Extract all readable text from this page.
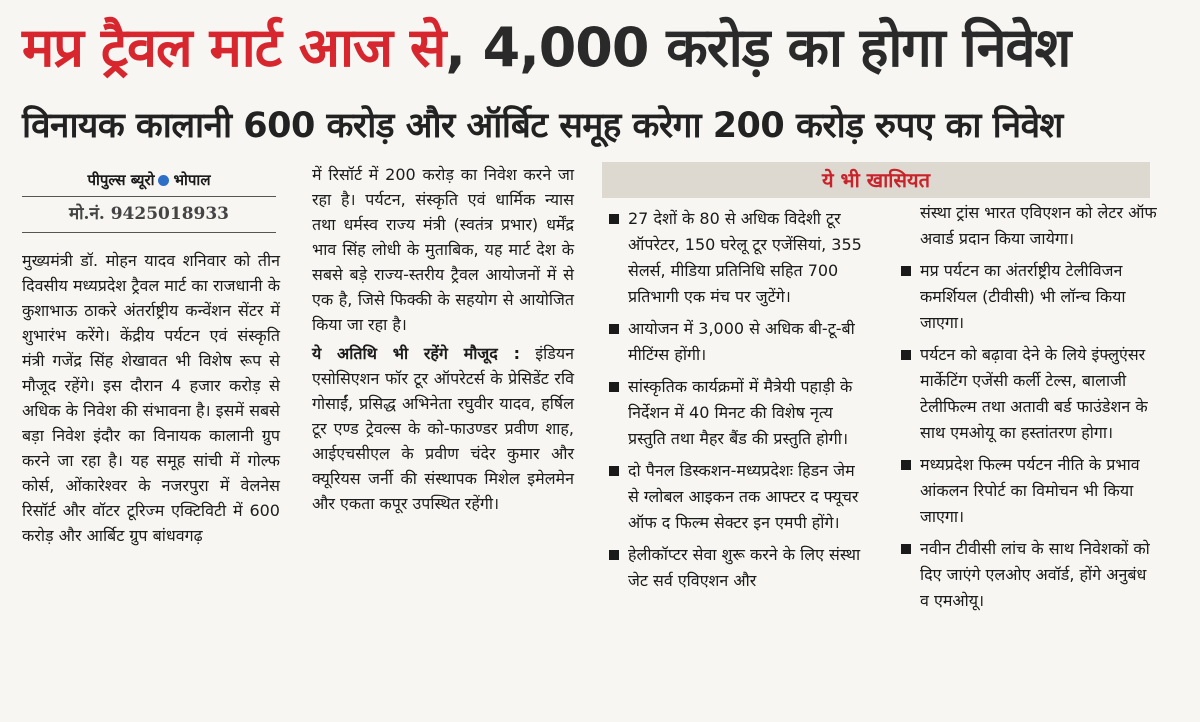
मप्र ट्रैवल मार्ट आज से, 4,000 करोड़ का होगा निवेश
विनायक कालानी 600 करोड़ और ऑर्बिट समूह करेगा 200 करोड़ रुपए का निवेश
पीपुल्स ब्यूरो भोपाल
मो.नं. 9425018933

मुख्यमंत्री डॉ. मोहन यादव शनिवार को तीन दिवसीय मध्यप्रदेश ट्रैवल मार्ट का राजधानी के कुशाभाऊ ठाकरे अंतर्राष्ट्रीय कन्वेंशन सेंटर में शुभारंभ करेंगे। केंद्रीय पर्यटन एवं संस्कृति मंत्री गजेंद्र सिंह शेखावत भी विशेष रूप से मौजूद रहेंगे। इस दौरान 4 हजार करोड़ से अधिक के निवेश की संभावना है। इसमें सबसे बड़ा निवेश इंदौर का विनायक कालानी ग्रुप करने जा रहा है। यह समूह सांची में गोल्फ कोर्स, ओंकारेश्वर के नजरपुरा में वेलनेस रिसॉर्ट और वॉटर टूरिज्म एक्टिविटी में 600 करोड़ और आर्बिट ग्रुप बांधवगढ़

में रिसॉर्ट में 200 करोड़ का निवेश करने जा रहा है। पर्यटन, संस्कृति एवं धार्मिक न्यास तथा धर्मस्व राज्य मंत्री (स्वतंत्र प्रभार) धर्मेंद्र भाव सिंह लोधी के मुताबिक, यह मार्ट देश के सबसे बड़े राज्य-स्तरीय ट्रैवल आयोजनों में से एक है, जिसे फिक्की के सहयोग से आयोजित किया जा रहा है।

ये अतिथि भी रहेंगे मौजूद : इंडियन एसोसिएशन फॉर टूर ऑपरेटर्स के प्रेसिडेंट रवि गोसाईं, प्रसिद्ध अभिनेता रघुवीर यादव, हर्षिल टूर एण्ड ट्रेवल्स के को-फाउण्डर प्रवीण शाह, आईएचसीएल के प्रवीण चंदेर कुमार और क्यूरियस जर्नी की संस्थापक मिशेल इमेलमेन और एकता कपूर उपस्थित रहेंगी।

ये भी खासियत
27 देशों के 80 से अधिक विदेशी टूर ऑपरेटर, 150 घरेलू टूर एजेंसियां, 355 सेलर्स, मीडिया प्रतिनिधि सहित 700 प्रतिभागी एक मंच पर जुटेंगे।
आयोजन में 3,000 से अधिक बी-टू-बी मीटिंग्स होंगी।
सांस्कृतिक कार्यक्रमों में मैत्रेयी पहाड़ी के निर्देशन में 40 मिनट की विशेष नृत्य प्रस्तुति तथा मैहर बैंड की प्रस्तुति होगी।
दो पैनल डिस्कशन-मध्यप्रदेशः हिडन जेम से ग्लोबल आइकन तक आफ्टर द फ्यूचर ऑफ द फिल्म सेक्टर इन एमपी होंगे।
हेलीकॉप्टर सेवा शुरू करने के लिए संस्था जेट सर्व एविएशन और
संस्था ट्रांस भारत एविएशन को लेटर ऑफ अवार्ड प्रदान किया जायेगा।
मप्र पर्यटन का अंतर्राष्ट्रीय टेलीविजन कमर्शियल (टीवीसी) भी लॉन्च किया जाएगा।
पर्यटन को बढ़ावा देने के लिये इंफ्लुएंसर मार्केटिंग एजेंसी कर्ली टेल्स, बालाजी टेलीफिल्म तथा अतावी बर्ड फाउंडेशन के साथ एमओयू का हस्तांतरण होगा।
मध्यप्रदेश फिल्म पर्यटन नीति के प्रभाव आंकलन रिपोर्ट का विमोचन भी किया जाएगा।
नवीन टीवीसी लांच के साथ निवेशकों को दिए जाएंगे एलओए अवॉर्ड, होंगे अनुबंध व एमओयू।
